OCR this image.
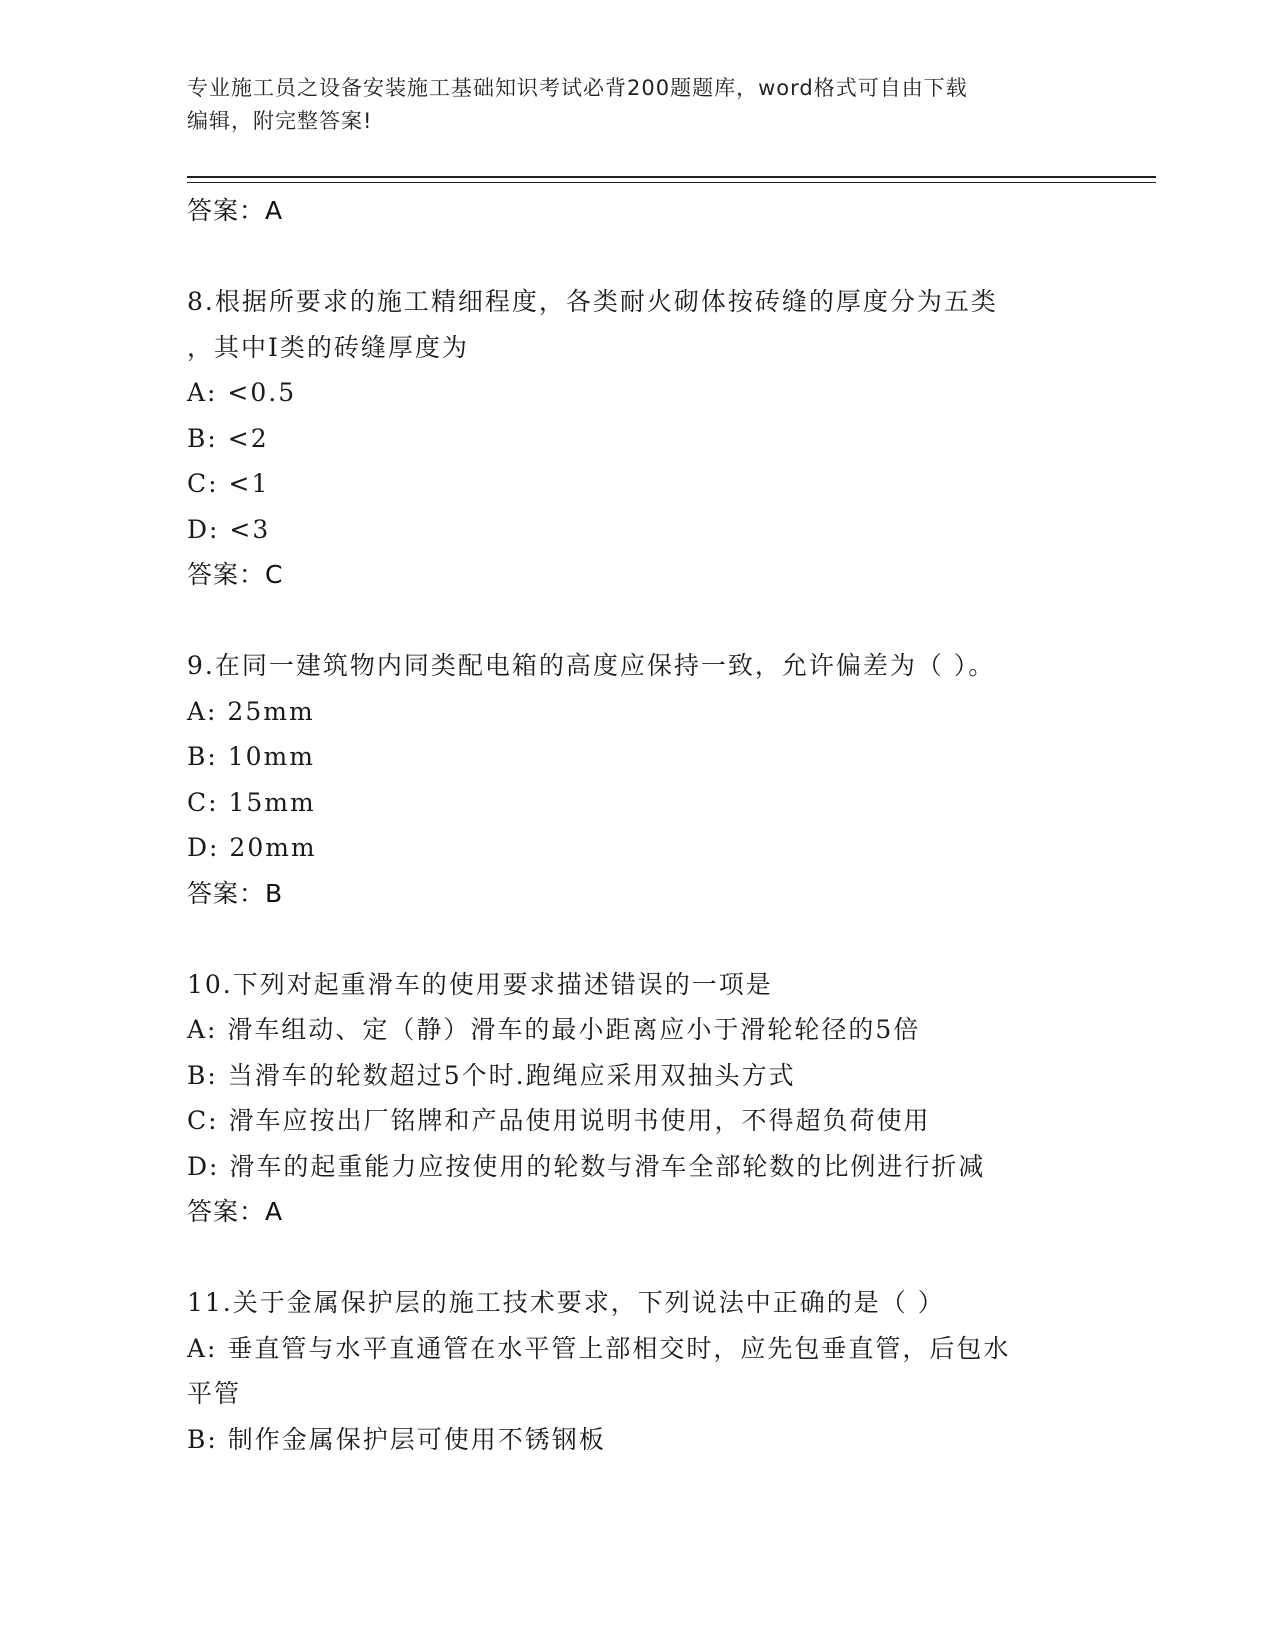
专业施工员之设备安装施工基础知识考试必背200题题库，word格式可自由下载
编辑，附完整答案!
答案：A
8.根据所要求的施工精细程度，各类耐火砌体按砖缝的厚度分为五类
，其中Ⅰ类的砖缝厚度为
A: <0.5
B: <2
C: <1
D: <3
答案：C
9.在同一建筑物内同类配电箱的高度应保持一致，允许偏差为（ ）。
A: 25mm
B: 10mm
C: 15mm
D: 20mm
答案：B
10.下列对起重滑车的使用要求描述错误的一项是
A: 滑车组动、定（静）滑车的最小距离应小于滑轮轮径的5倍
B: 当滑车的轮数超过5个时.跑绳应采用双抽头方式
C: 滑车应按出厂铭牌和产品使用说明书使用，不得超负荷使用
D: 滑车的起重能力应按使用的轮数与滑车全部轮数的比例进行折减
答案：A
11.关于金属保护层的施工技术要求，下列说法中正确的是（ ）
A: 垂直管与水平直通管在水平管上部相交时，应先包垂直管，后包水
平管
B: 制作金属保护层可使用不锈钢板
